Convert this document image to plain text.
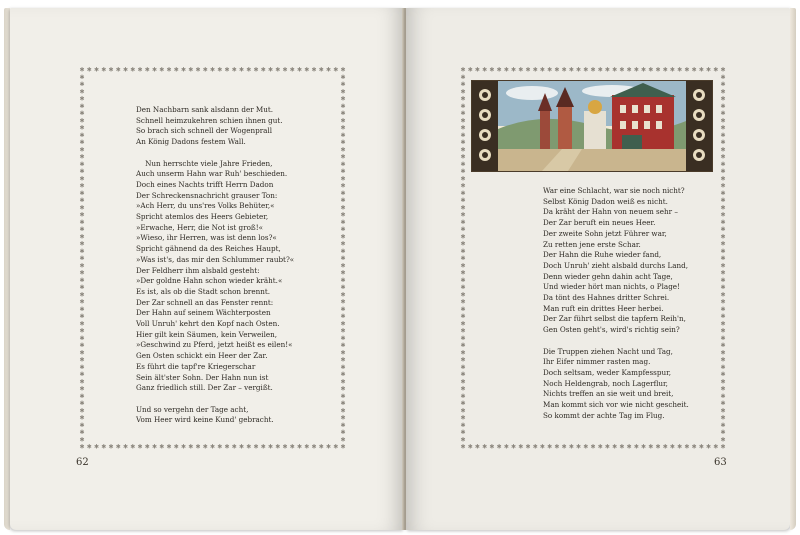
✱
✱
✱
✱
✱
✱
✱
✱
✱
✱
✱
✱
✱
✱
✱
✱
✱
✱
✱
✱
✱
✱
✱
✱
✱
✱
✱
✱
✱
✱
✱
✱
✱
✱
✱
✱
✱
✱
✱
✱
✱
✱
✱
✱
✱
✱
✱
✱
✱
✱
✱
✱
✱
✱
✱
✱
✱
✱
✱
✱
✱
✱
✱
✱
✱
✱
✱
✱
✱
✱
✱
✱
✱
✱
✱	✱
✱	✱
✱	✱
✱	✱
✱	✱
✱	✱
✱	✱
✱	✱
✱	✱
✱	✱
✱	✱
✱	✱
✱	✱
✱	✱
✱	✱
✱	✱
✱	✱
✱	✱
✱	✱
✱	✱
✱	✱
✱	✱
✱	✱
✱	✱
✱	✱
✱	✱
✱	✱
✱	✱
✱	✱
✱	✱
✱	✱
✱	✱
✱	✱
✱	✱
✱	✱
✱	✱
✱	✱
✱	✱
✱	✱
✱	✱
✱	✱
✱	✱
✱	✱
✱	✱
✱	✱
✱	✱
✱	✱
✱	✱
✱	✱
✱	✱
✱	✱
✱
✱
✱
✱
✱
✱
✱
✱
✱
✱
✱
✱
✱
✱
✱
✱
✱
✱
✱
✱
✱
✱
✱
✱
✱
✱
✱
✱
✱
✱
✱
✱
✱
✱
✱
✱
✱
✱
✱
✱
✱
✱
✱
✱
✱
✱
✱
✱
✱
✱
✱
✱
✱
✱
✱
✱
✱
✱
✱
✱
✱
✱
✱
✱
✱
✱
✱
✱
✱
✱
✱
✱
✱
✱
✱	✱
✱	✱
✱	✱
✱	✱
✱	✱
✱	✱
✱	✱
✱	✱
✱	✱
✱	✱
✱	✱
✱	✱
✱	✱
✱	✱
✱	✱
✱	✱
✱	✱
✱	✱
✱	✱
✱	✱
✱	✱
✱	✱
✱	✱
✱	✱
✱	✱
✱	✱
✱	✱
✱	✱
✱	✱
✱	✱
✱	✱
✱	✱
✱	✱
✱	✱
✱	✱
✱	✱
✱	✱
✱	✱
✱	✱
✱	✱
✱	✱
✱	✱
✱	✱
✱	✱
✱	✱
✱	✱
✱	✱
✱	✱
✱	✱
✱	✱
✱	✱
Den Nachbarn sank alsdann der Mut.
Schnell heimzukehren schien ihnen gut.
So brach sich schnell der Wogenprall
An König Dadons festem Wall.
Nun herrschte viele Jahre Frieden,
Auch unserm Hahn war Ruh' beschieden.
Doch eines Nachts trifft Herrn Dadon
Der Schreckensnachricht grauser Ton:
»Ach Herr, du uns'res Volks Behüter,«
Spricht atemlos des Heers Gebieter,
»Erwache, Herr, die Not ist groß!«
»Wieso, ihr Herren, was ist denn los?«
Spricht gähnend da des Reiches Haupt,
»Was ist's, das mir den Schlummer raubt?«
Der Feldherr ihm alsbald gesteht:
»Der goldne Hahn schon wieder kräht.«
Es ist, als ob die Stadt schon brennt.
Der Zar schnell an das Fenster rennt:
Der Hahn auf seinem Wächterposten
Voll Unruh' kehrt den Kopf nach Osten.
Hier gilt kein Säumen, kein Verweilen,
»Geschwind zu Pferd, jetzt heißt es eilen!«
Gen Osten schickt ein Heer der Zar.
Es führt die tapf're Kriegerschar
Sein ält'ster Sohn. Der Hahn nun ist
Ganz friedlich still. Der Zar – vergißt.
Und so vergehn der Tage acht,
Vom Heer wird keine Kund' gebracht.
62
War eine Schlacht, war sie noch nicht?
Selbst König Dadon weiß es nicht.
Da kräht der Hahn von neuem sehr –
Der Zar beruft ein neues Heer.
Der zweite Sohn jetzt Führer war,
Zu retten jene erste Schar.
Der Hahn die Ruhe wieder fand,
Doch Unruh' zieht alsbald durchs Land,
Denn wieder gehn dahin acht Tage,
Und wieder hört man nichts, o Plage!
Da tönt des Hahnes dritter Schrei.
Man ruft ein drittes Heer herbei.
Der Zar führt selbst die tapfern Reih'n,
Gen Osten geht's, wird's richtig sein?
Die Truppen ziehen Nacht und Tag,
Ihr Eifer nimmer rasten mag.
Doch seltsam, weder Kampfesspur,
Noch Heldengrab, noch Lagerflur,
Nichts treffen an sie weit und breit,
Man kommt sich vor wie nicht gescheit.
So kommt der achte Tag im Flug.
63
